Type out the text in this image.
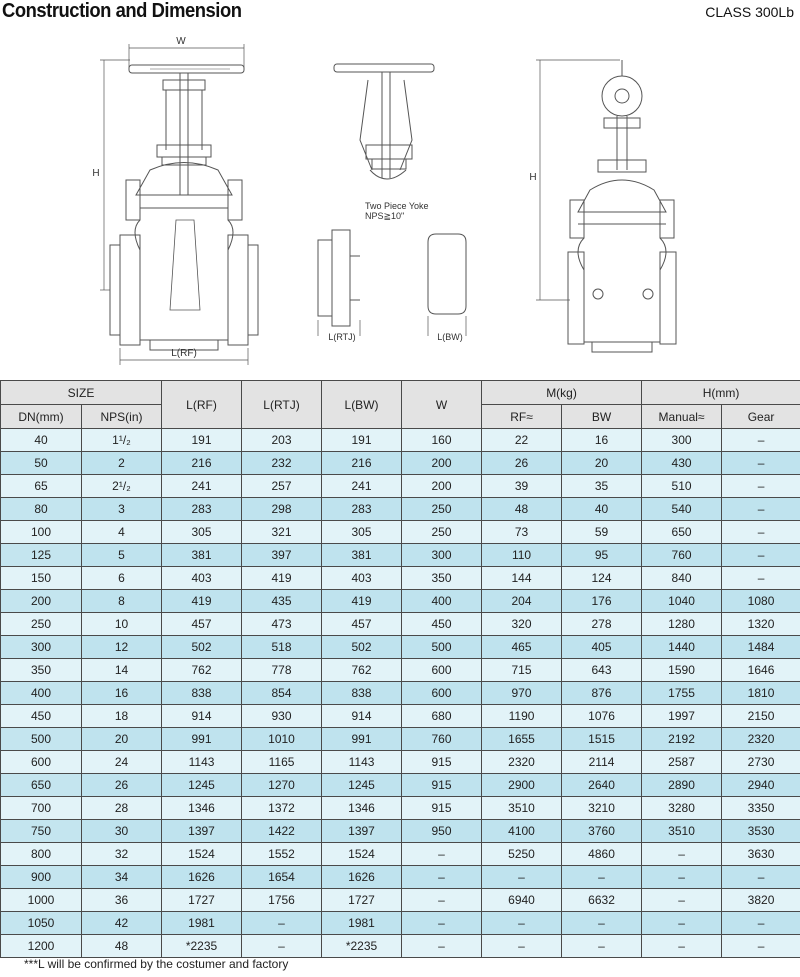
Construction and Dimension	CLASS 300Lb
W
H
L(RF)
Two Piece Yoke
NPS≧10"
L(RTJ)	L(BW)
H
SIZE		L(RF)	L(RTJ)	L(BW)	W	M(kg)		H(mm)	
DN(mm)	NPS(in)					RF≈	BW	Manual≈	Gear
40	1¹/₂	191	203	191	160	22	16	300	–
50	2	216	232	216	200	26	20	430	–
65	2¹/₂	241	257	241	200	39	35	510	–
80	3	283	298	283	250	48	40	540	–
100	4	305	321	305	250	73	59	650	–
125	5	381	397	381	300	110	95	760	–
150	6	403	419	403	350	144	124	840	–
200	8	419	435	419	400	204	176	1040	1080
250	10	457	473	457	450	320	278	1280	1320
300	12	502	518	502	500	465	405	1440	1484
350	14	762	778	762	600	715	643	1590	1646
400	16	838	854	838	600	970	876	1755	1810
450	18	914	930	914	680	1190	1076	1997	2150
500	20	991	1010	991	760	1655	1515	2192	2320
600	24	1143	1165	1143	915	2320	2114	2587	2730
650	26	1245	1270	1245	915	2900	2640	2890	2940
700	28	1346	1372	1346	915	3510	3210	3280	3350
750	30	1397	1422	1397	950	4100	3760	3510	3530
800	32	1524	1552	1524	–	5250	4860	–	3630
900	34	1626	1654	1626	–	–	–	–	–
1000	36	1727	1756	1727	–	6940	6632	–	3820
1050	42	1981	–	1981	–	–	–	–	–
1200	48	*2235	–	*2235	–	–	–	–	–
***L will be confirmed by the costumer and factory
